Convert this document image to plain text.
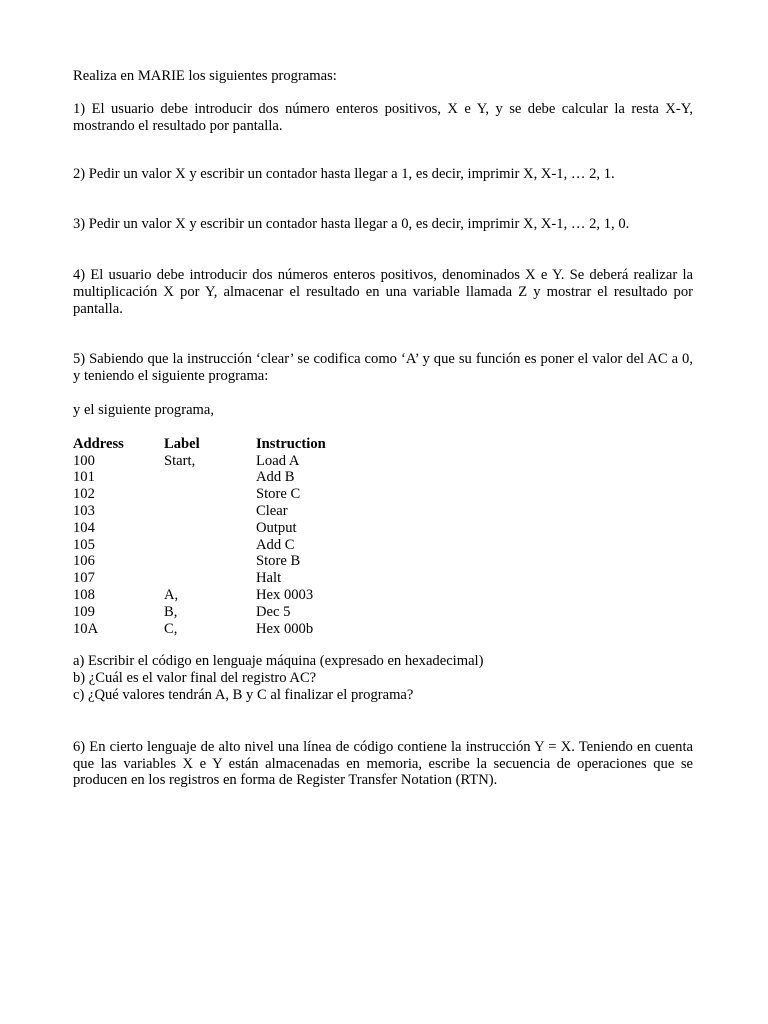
Realiza en MARIE los siguientes programas:

1) El usuario debe introducir dos número enteros positivos, X e Y, y se debe calcular la resta X-Y, mostrando el resultado por pantalla.

2) Pedir un valor X y escribir un contador hasta llegar a 1, es decir, imprimir X, X-1, … 2, 1.

3) Pedir un valor X y escribir un contador hasta llegar a 0, es decir, imprimir X, X-1, … 2, 1, 0.

4) El usuario debe introducir dos números enteros positivos, denominados X e Y. Se deberá realizar la multiplicación X por Y, almacenar el resultado en una variable llamada Z y mostrar el resultado por pantalla.

5) Sabiendo que la instrucción ‘clear’ se codifica como ‘A’ y que su función es poner el valor del AC a 0, y teniendo el siguiente programa:

y el siguiente programa,

Address	Label	Instruction
100	Start,	Load A
101		Add B
102		Store C
103		Clear
104		Output
105		Add C
106		Store B
107		Halt
108	A,	Hex 0003
109	B,	Dec 5
10A	C,	Hex 000b
a) Escribir el código en lenguaje máquina (expresado en hexadecimal)
b) ¿Cuál es el valor final del registro AC?
c) ¿Qué valores tendrán A, B y C al finalizar el programa?

6) En cierto lenguaje de alto nivel una línea de código contiene la instrucción Y = X. Teniendo en cuenta que las variables X e Y están almacenadas en memoria, escribe la secuencia de operaciones que se producen en los registros en forma de Register Transfer Notation (RTN).
